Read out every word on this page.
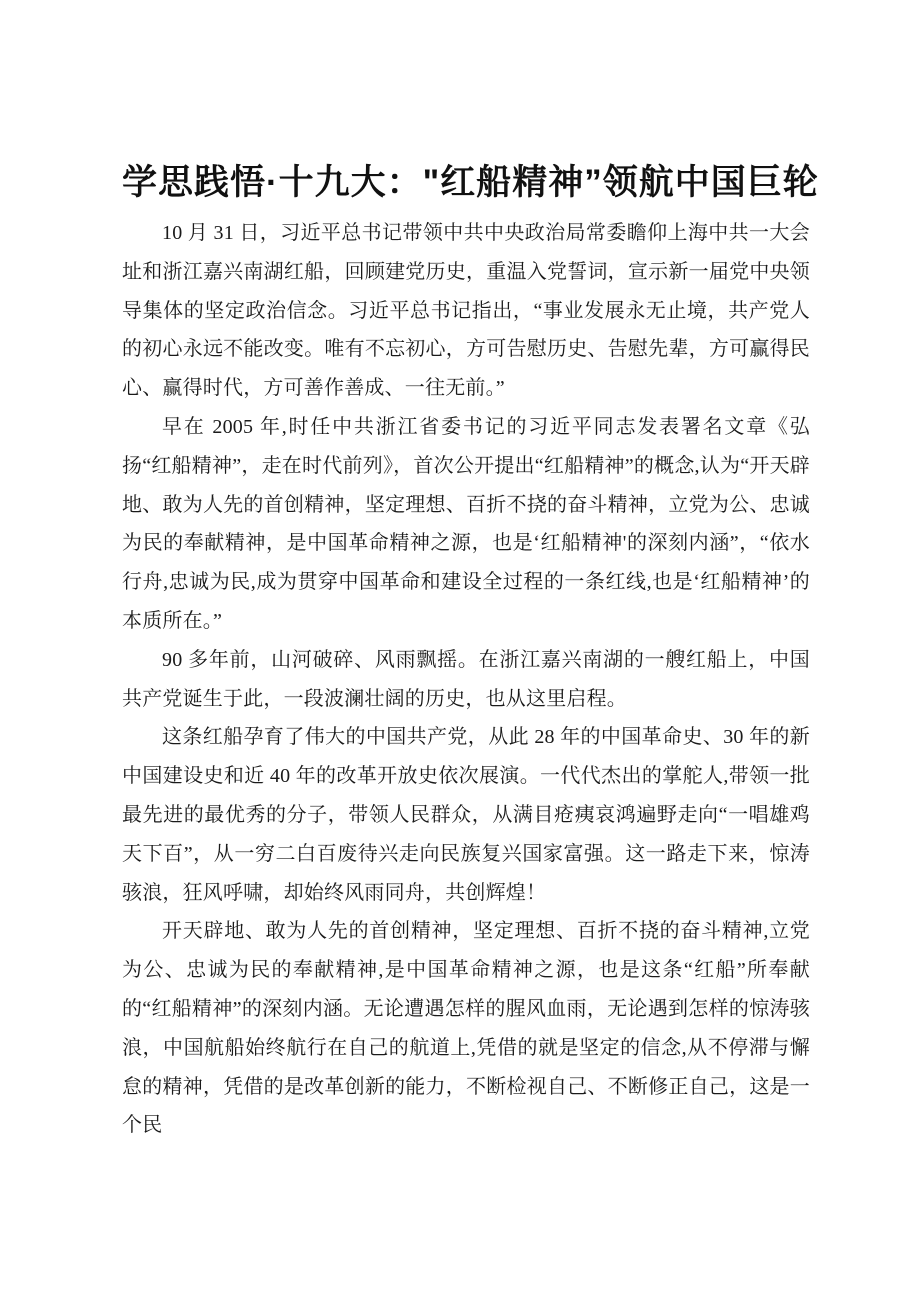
学思践悟·十九大："红船精神”领航中国巨轮

10 月 31 日，习近平总书记带领中共中央政治局常委瞻仰上海中共一大会址和浙江嘉兴南湖红船，回顾建党历史，重温入党誓词，宣示新一届党中央领导集体的坚定政治信念。习近平总书记指出，“事业发展永无止境，共产党人的初心永远不能改变。唯有不忘初心，方可告慰历史、告慰先辈，方可赢得民心、赢得时代，方可善作善成、一往无前。”

早在 2005 年,时任中共浙江省委书记的习近平同志发表署名文章《弘扬“红船精神”，走在时代前列》，首次公开提出“红船精神”的概念,认为“开天辟地、敢为人先的首创精神，坚定理想、百折不挠的奋斗精神，立党为公、忠诚为民的奉献精神，是中国革命精神之源，也是‘红船精神'的深刻内涵”，“依水行舟,忠诚为民,成为贯穿中国革命和建设全过程的一条红线,也是‘红船精神’的本质所在。”

90 多年前，山河破碎、风雨飘摇。在浙江嘉兴南湖的一艘红船上，中国共产党诞生于此，一段波澜壮阔的历史，也从这里启程。

这条红船孕育了伟大的中国共产党，从此 28 年的中国革命史、30 年的新中国建设史和近 40 年的改革开放史依次展演。一代代杰出的掌舵人,带领一批最先进的最优秀的分子，带领人民群众，从满目疮痍哀鸿遍野走向“一唱雄鸡天下百”，从一穷二白百废待兴走向民族复兴国家富强。这一路走下来，惊涛骇浪，狂风呼啸，却始终风雨同舟，共创辉煌！

开天辟地、敢为人先的首创精神，坚定理想、百折不挠的奋斗精神,立党为公、忠诚为民的奉献精神,是中国革命精神之源，也是这条“红船”所奉献的“红船精神”的深刻内涵。无论遭遇怎样的腥风血雨，无论遇到怎样的惊涛骇浪，中国航船始终航行在自己的航道上,凭借的就是坚定的信念,从不停滞与懈怠的精神，凭借的是改革创新的能力，不断检视自己、不断修正自己，这是一个民
